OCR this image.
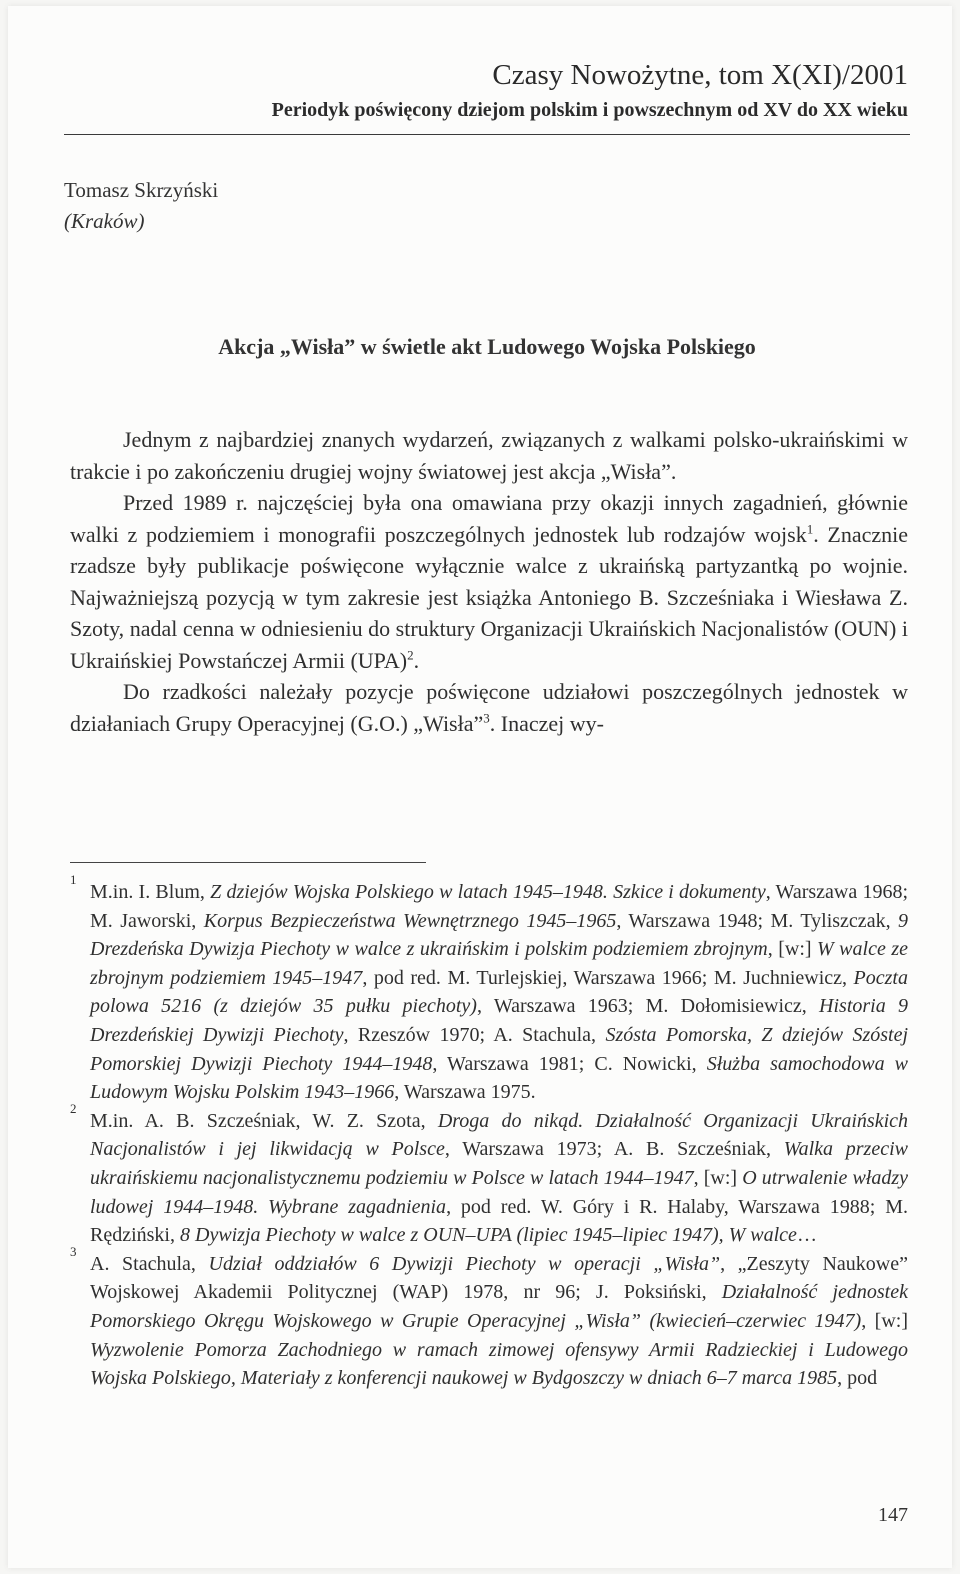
Czasy Nowożytne, tom X(XI)/2001
Periodyk poświęcony dziejom polskim i powszechnym od XV do XX wieku
Tomasz Skrzyński
(Kraków)
Akcja „Wisła” w świetle akt Ludowego Wojska Polskiego

Jednym z najbardziej znanych wydarzeń, związanych z walkami polsko-ukraińskimi w trakcie i po zakończeniu drugiej wojny światowej jest akcja „Wisła”.

Przed 1989 r. najczęściej była ona omawiana przy okazji innych zagadnień, głównie walki z podziemiem i monografii poszczególnych jednostek lub rodzajów wojsk$^1$. Znacznie rzadsze były publikacje poświęcone wyłącznie walce z ukraińską partyzantką po wojnie. Najważniejszą pozycją w tym zakresie jest książka Antoniego B. Szcześniaka i Wiesława Z. Szoty, nadal cenna w odniesieniu do struktury Organizacji Ukraińskich Nacjonalistów (OUN) i Ukraińskiej Powstańczej Armii (UPA)$^2$.

Do rzadkości należały pozycje poświęcone udziałowi poszczególnych jednostek w działaniach Grupy Operacyjnej (G.O.) „Wisła”$^3$. Inaczej wy-

1
M.in. I. Blum, Z dziejów Wojska Polskiego w latach 1945–1948. Szkice i dokumenty, Warszawa 1968; M. Jaworski, Korpus Bezpieczeństwa Wewnętrznego 1945–1965, Warszawa 1948; M. Tyliszczak, 9 Drezdeńska Dywizja Piechoty w walce z ukraińskim i polskim podziemiem zbrojnym, [w:] W walce ze zbrojnym podziemiem 1945–1947, pod red. M. Turlejskiej, Warszawa 1966; M. Juchniewicz, Poczta polowa 5216 (z dziejów 35 pułku piechoty), Warszawa 1963; M. Dołomisiewicz, Historia 9 Drezdeńskiej Dywizji Piechoty, Rzeszów 1970; A. Stachula, Szósta Pomorska, Z dziejów Szóstej Pomorskiej Dywizji Piechoty 1944–1948, Warszawa 1981; C. Nowicki, Służba samochodowa w Ludowym Wojsku Polskim 1943–1966, Warszawa 1975.
2
M.in. A. B. Szcześniak, W. Z. Szota, Droga do nikąd. Działalność Organizacji Ukraińskich Nacjonalistów i jej likwidacją w Polsce, Warszawa 1973; A. B. Szcześniak, Walka przeciw ukraińskiemu nacjonalistycznemu podziemiu w Polsce w latach 1944–1947, [w:] O utrwalenie władzy ludowej 1944–1948. Wybrane zagadnienia, pod red. W. Góry i R. Halaby, Warszawa 1988; M. Rędziński, 8 Dywizja Piechoty w walce z OUN–UPA (lipiec 1945–lipiec 1947), W walce…
3
A. Stachula, Udział oddziałów 6 Dywizji Piechoty w operacji „Wisła”, „Zeszyty Naukowe” Wojskowej Akademii Politycznej (WAP) 1978, nr 96; J. Poksiński, Działalność jednostek Pomorskiego Okręgu Wojskowego w Grupie Operacyjnej „Wisła” (kwiecień–czerwiec 1947), [w:] Wyzwolenie Pomorza Zachodniego w ramach zimowej ofensywy Armii Radzieckiej i Ludowego Wojska Polskiego, Materiały z konferencji naukowej w Bydgoszczy w dniach 6–7 marca 1985, pod
147
